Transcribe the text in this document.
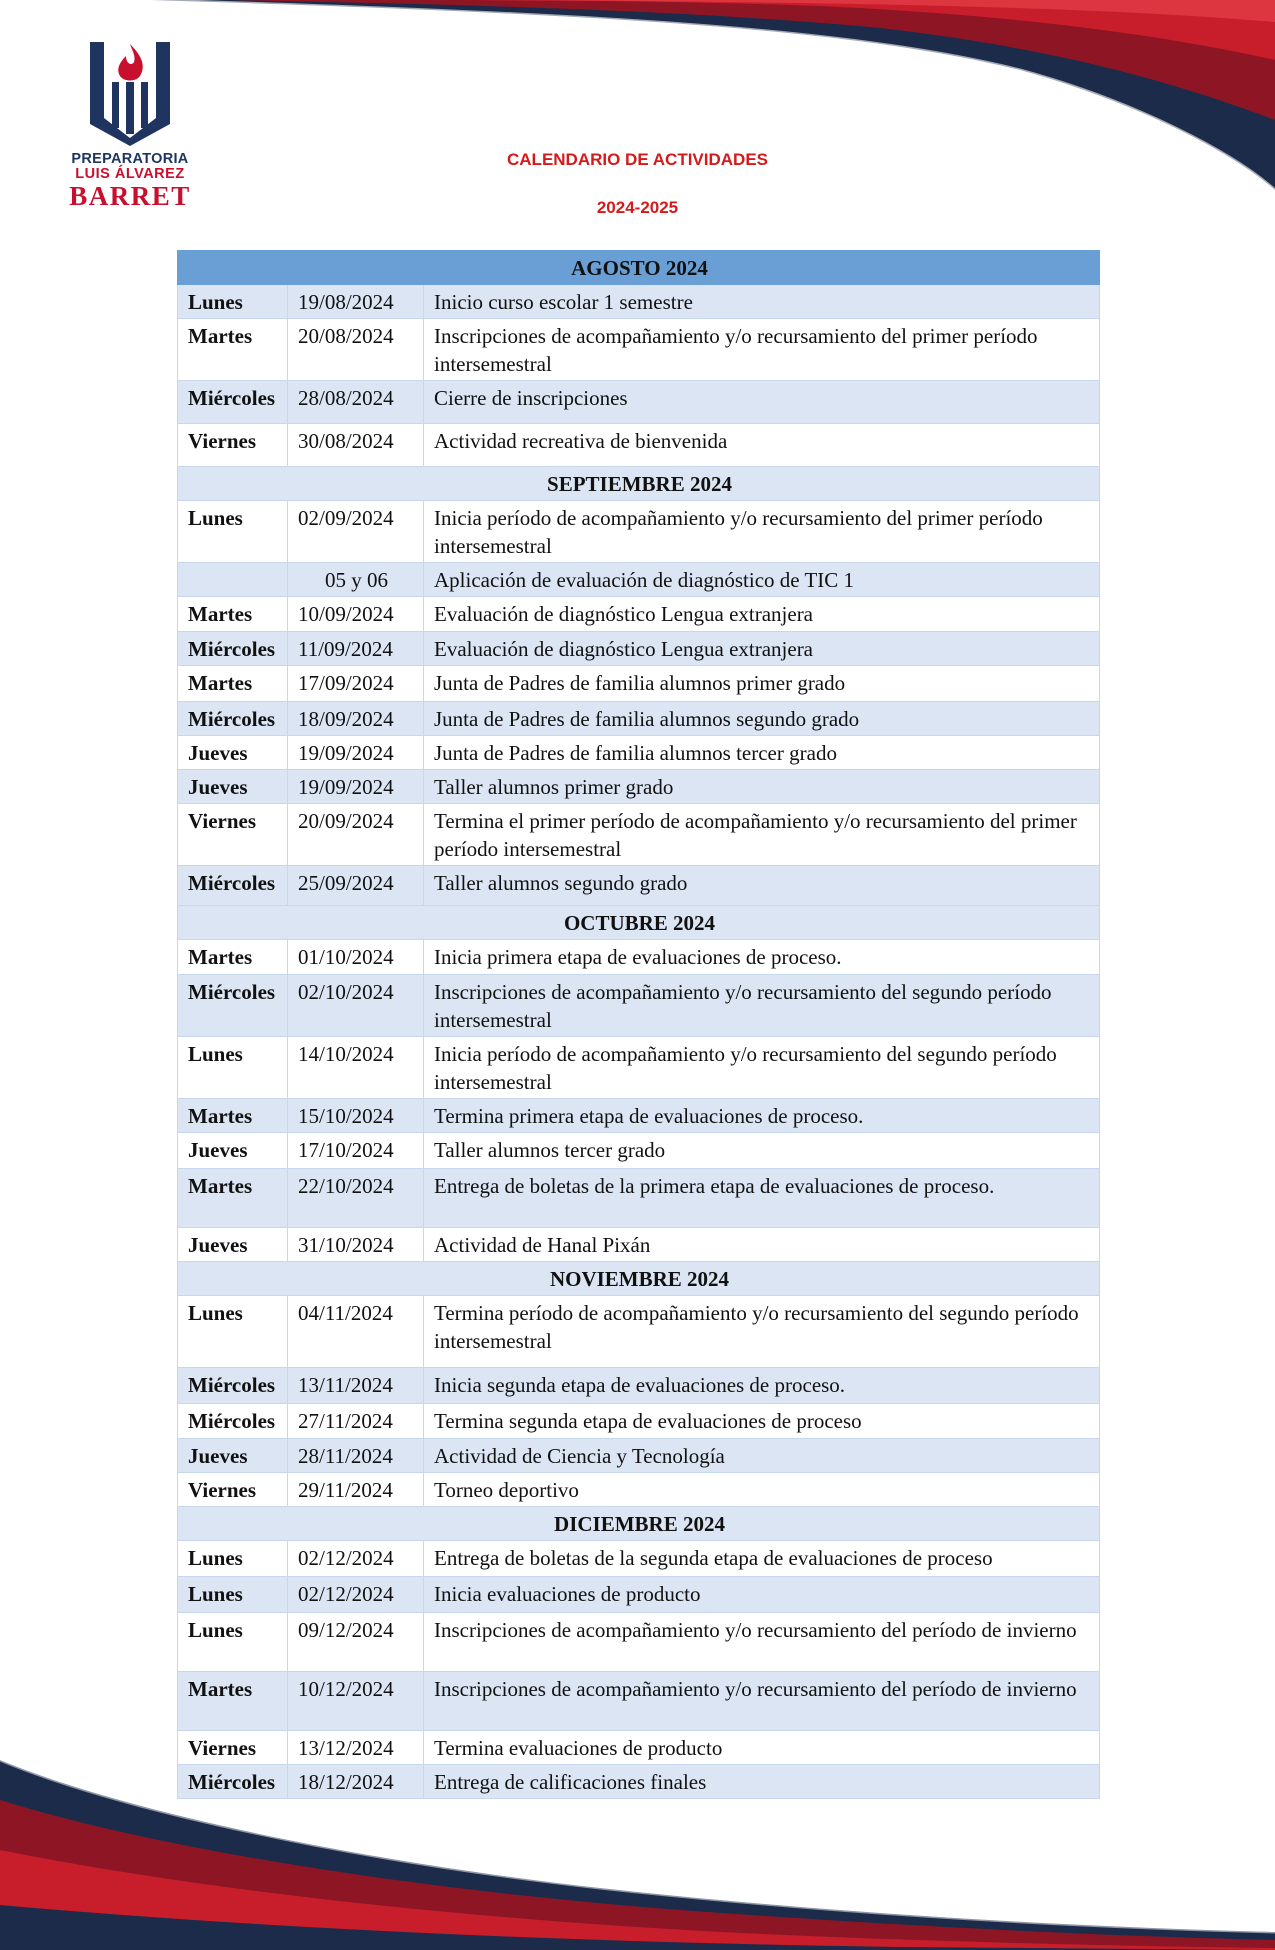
PREPARATORIA
LUIS ÁLVAREZ
BARRET
CALENDARIO DE ACTIVIDADES
2024-2025
AGOSTO 2024		
Lunes	19/08/2024	Inicio curso escolar 1 semestre
Martes	20/08/2024	Inscripciones de acompañamiento y/o recursamiento del primer período intersemestral
Miércoles	28/08/2024	Cierre de inscripciones
Viernes	30/08/2024	Actividad recreativa de bienvenida
SEPTIEMBRE 2024		
Lunes	02/09/2024	Inicia período de acompañamiento y/o recursamiento del primer período intersemestral
	05 y 06	Aplicación de evaluación de diagnóstico de TIC 1
Martes	10/09/2024	Evaluación de diagnóstico Lengua extranjera
Miércoles	11/09/2024	Evaluación de diagnóstico Lengua extranjera
Martes	17/09/2024	Junta de Padres de familia alumnos primer grado
Miércoles	18/09/2024	Junta de Padres de familia alumnos segundo grado
Jueves	19/09/2024	Junta de Padres de familia alumnos tercer grado
Jueves	19/09/2024	Taller alumnos primer grado
Viernes	20/09/2024	Termina el primer período de acompañamiento y/o recursamiento del primer período intersemestral
Miércoles	25/09/2024	Taller alumnos segundo grado
OCTUBRE 2024		
Martes	01/10/2024	Inicia primera etapa de evaluaciones de proceso.
Miércoles	02/10/2024	Inscripciones de acompañamiento y/o recursamiento del segundo período intersemestral
Lunes	14/10/2024	Inicia período de acompañamiento y/o recursamiento del segundo período intersemestral
Martes	15/10/2024	Termina primera etapa de evaluaciones de proceso.
Jueves	17/10/2024	Taller alumnos tercer grado
Martes	22/10/2024	Entrega de boletas de la primera etapa de evaluaciones de proceso.
Jueves	31/10/2024	Actividad de Hanal Pixán
NOVIEMBRE 2024		
Lunes	04/11/2024	Termina período de acompañamiento y/o recursamiento del segundo período intersemestral
Miércoles	13/11/2024	Inicia segunda etapa de evaluaciones de proceso.
Miércoles	27/11/2024	Termina segunda etapa de evaluaciones de proceso
Jueves	28/11/2024	Actividad de Ciencia y Tecnología
Viernes	29/11/2024	Torneo deportivo
DICIEMBRE 2024		
Lunes	02/12/2024	Entrega de boletas de la segunda etapa de evaluaciones de proceso
Lunes	02/12/2024	Inicia evaluaciones de producto
Lunes	09/12/2024	Inscripciones de acompañamiento y/o recursamiento del período de invierno
Martes	10/12/2024	Inscripciones de acompañamiento y/o recursamiento del período de invierno
Viernes	13/12/2024	Termina evaluaciones de producto
Miércoles	18/12/2024	Entrega de calificaciones finales
